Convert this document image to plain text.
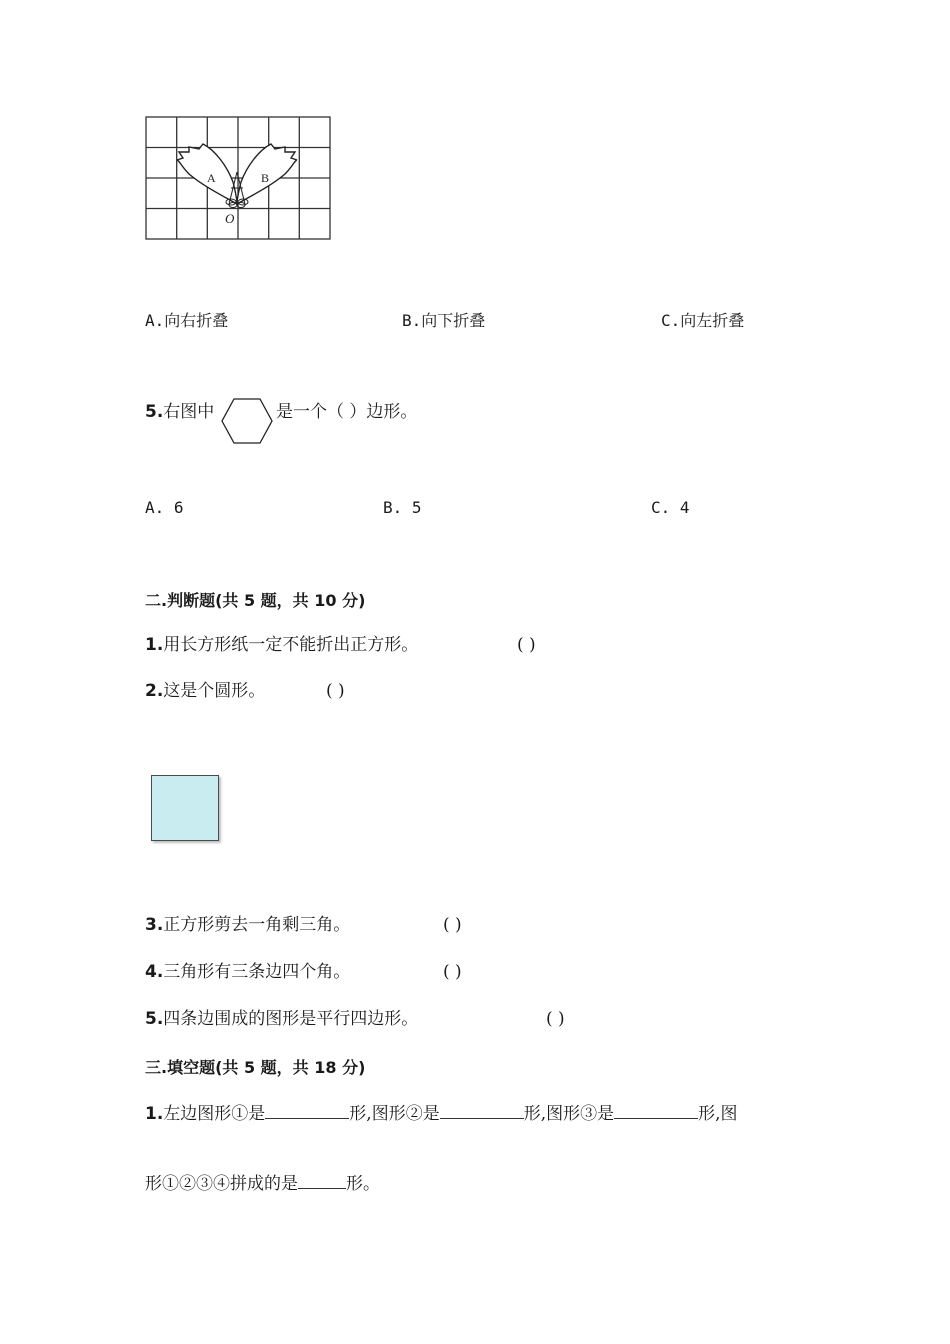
A	B
O
A.向右折叠	B.向下折叠	C.向左折叠
5.右图中	是一个（ ）边形。
A. 6	B. 5	C. 4
二.判断题(共 5 题，共 10 分)
1.用长方形纸一定不能折出正方形。	( )
2.这是个圆形。	( )
3.正方形剪去一角剩三角。	( )
4.三角形有三条边四个角。	( )
5.四条边围成的图形是平行四边形。	( )
三.填空题(共 5 题，共 18 分)
1.左边图形①是	形,图形②是	形,图形③是	形,图
形①②③④拼成的是	形。
